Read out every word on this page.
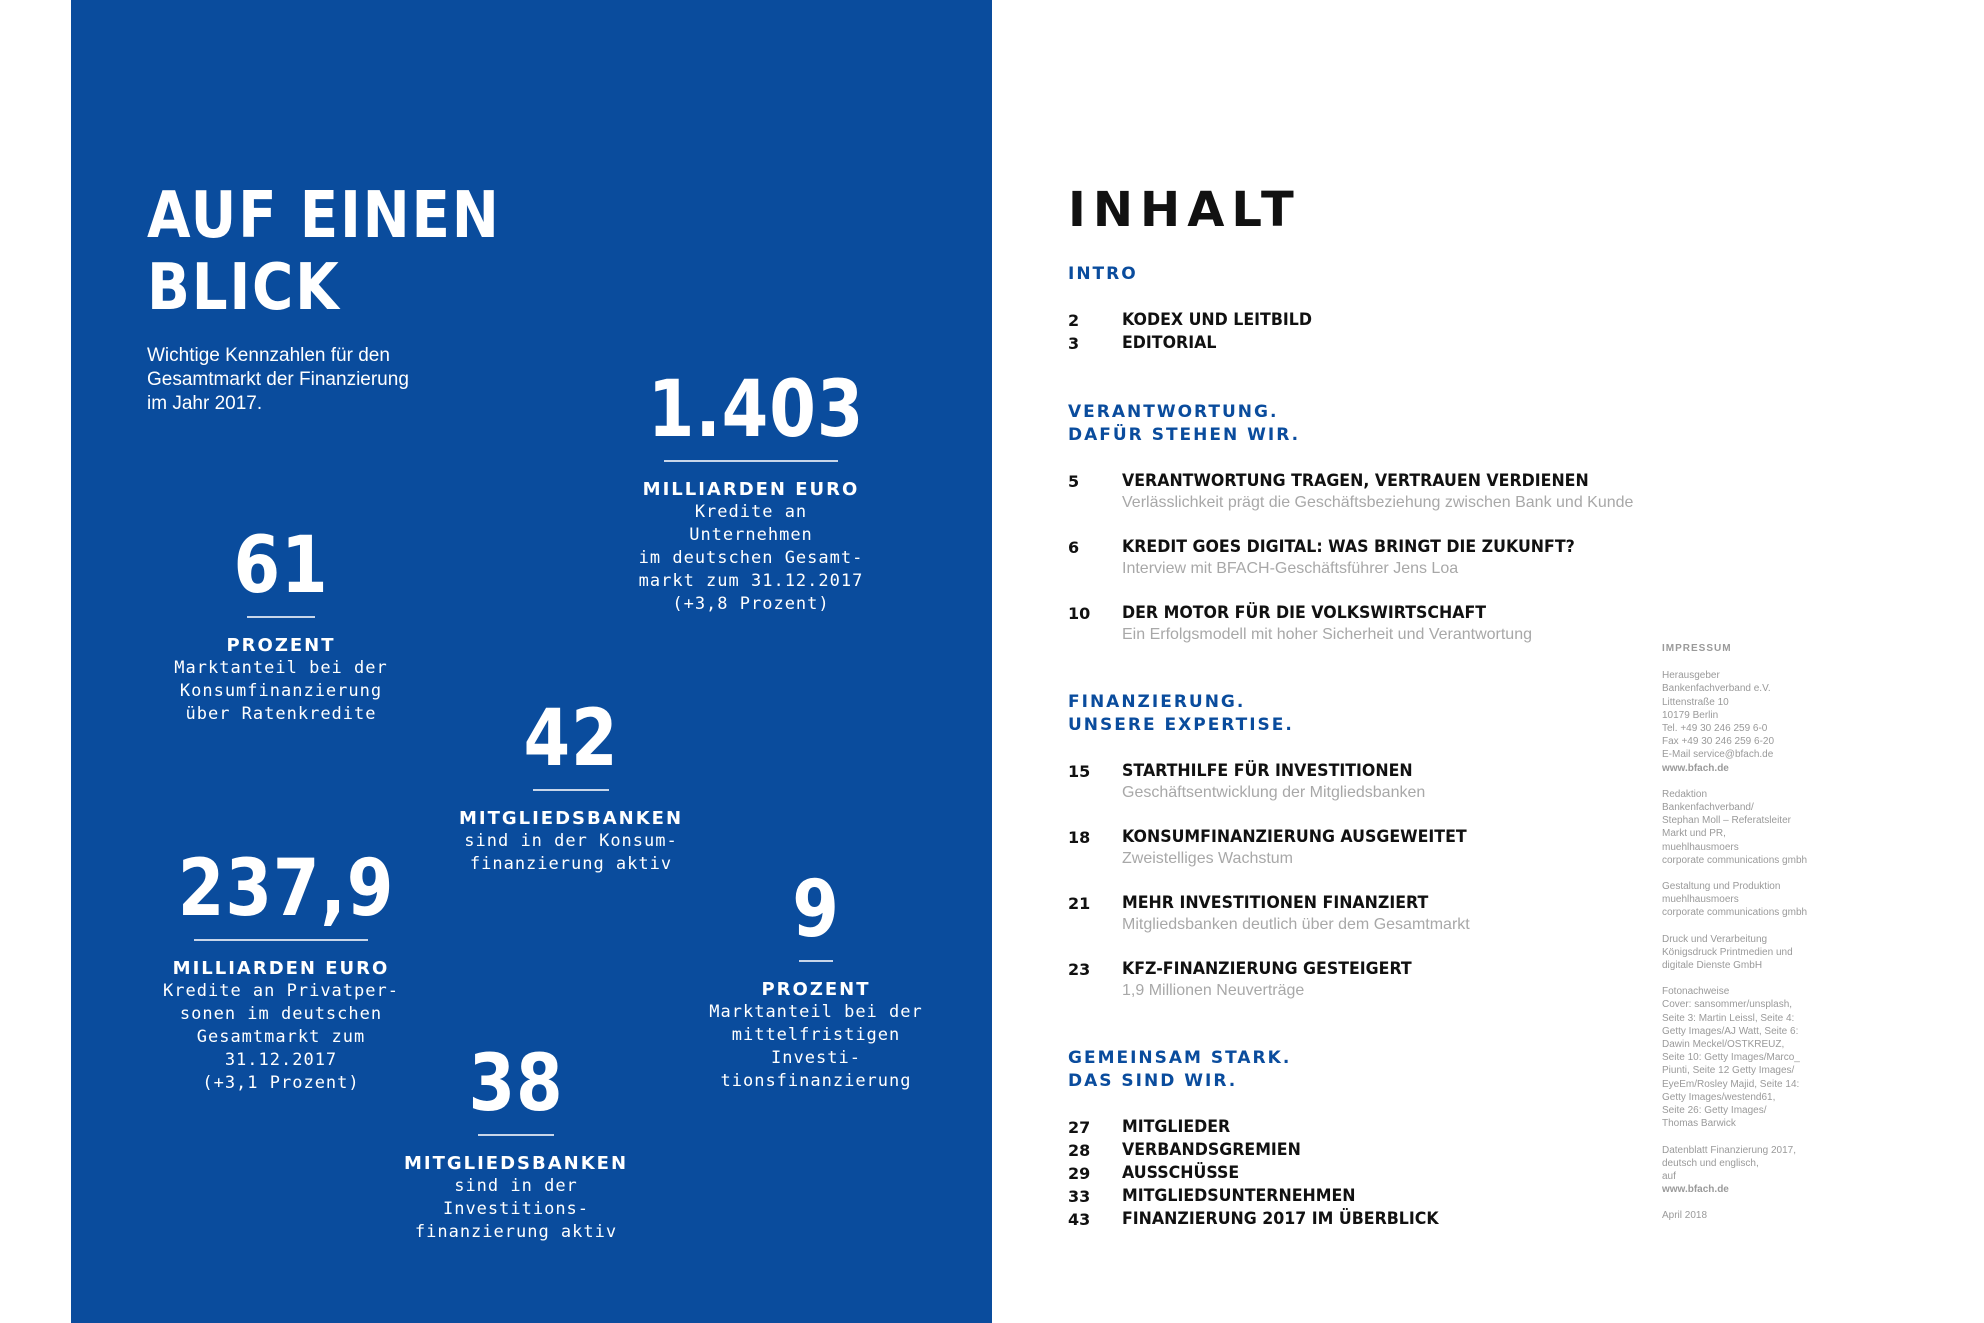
AUF EINEN
BLICK

Wichtige Kennzahlen für den
Gesamtmarkt der Finanzierung
im Jahr 2017.	1.403
MILLIARDEN EURO
Kredite an Unternehmen
im deutschen Gesamt-
markt zum 31.12.2017
(+3,8 Prozent)
61
PROZENT
Marktanteil bei der
Konsumfinanzierung
über Ratenkredite	42
MITGLIEDSBANKEN
sind in der Konsum-
finanzierung aktiv
237,9
MILLIARDEN EURO
Kredite an Privatper-
sonen im deutschen
Gesamtmarkt zum
31.12.2017
(+3,1 Prozent)
9
PROZENT
Marktanteil bei der
mittelfristigen Investi-
tionsfinanzierung
38
MITGLIEDSBANKEN
sind in der Investitions-
finanzierung aktiv
INHALT
INTRO
2	KODEX UND LEITBILD
3	EDITORIAL
VERANTWORTUNG.
DAFÜR STEHEN WIR.
5	VERANTWORTUNG TRAGEN, VERTRAUEN VERDIENEN
Verlässlichkeit prägt die Geschäftsbeziehung zwischen Bank und Kunde
6	KREDIT GOES DIGITAL: WAS BRINGT DIE ZUKUNFT?
Interview mit BFACH-Geschäftsführer Jens Loa
10	DER MOTOR FÜR DIE VOLKSWIRTSCHAFT
Ein Erfolgsmodell mit hoher Sicherheit und Verantwortung
FINANZIERUNG.
UNSERE EXPERTISE.
15	STARTHILFE FÜR INVESTITIONEN
Geschäftsentwicklung der Mitgliedsbanken
18	KONSUMFINANZIERUNG AUSGEWEITET
Zweistelliges Wachstum
21	MEHR INVESTITIONEN FINANZIERT
Mitgliedsbanken deutlich über dem Gesamtmarkt
23	KFZ-FINANZIERUNG GESTEIGERT
1,9 Millionen Neuverträge
GEMEINSAM STARK.
DAS SIND WIR.
27	MITGLIEDER
28	VERBANDSGREMIEN
29	AUSSCHÜSSE
33	MITGLIEDSUNTERNEHMEN
43	FINANZIERUNG 2017 IM ÜBERBLICK
IMPRESSUM
Herausgeber
Bankenfachverband e.V.
Littenstraße 10
10179 Berlin
Tel. +49 30 246 259 6-0
Fax +49 30 246 259 6-20
E-Mail service@bfach.de
www.bfach.de
Redaktion
Bankenfachverband/
Stephan Moll – Referatsleiter
Markt und PR,
muehlhausmoers
corporate communications gmbh
Gestaltung und Produktion
muehlhausmoers
corporate communications gmbh
Druck und Verarbeitung
Königsdruck Printmedien und
digitale Dienste GmbH
Fotonachweise
Cover: sansommer/unsplash,
Seite 3: Martin Leissl, Seite 4:
Getty Images/AJ Watt, Seite 6:
Dawin Meckel/OSTKREUZ,
Seite 10: Getty Images/Marco_
Piunti, Seite 12 Getty Images/
EyeEm/Rosley Majid, Seite 14:
Getty Images/westend61,
Seite 26: Getty Images/
Thomas Barwick
Datenblatt Finanzierung 2017,
deutsch und englisch,
auf
www.bfach.de
April 2018
